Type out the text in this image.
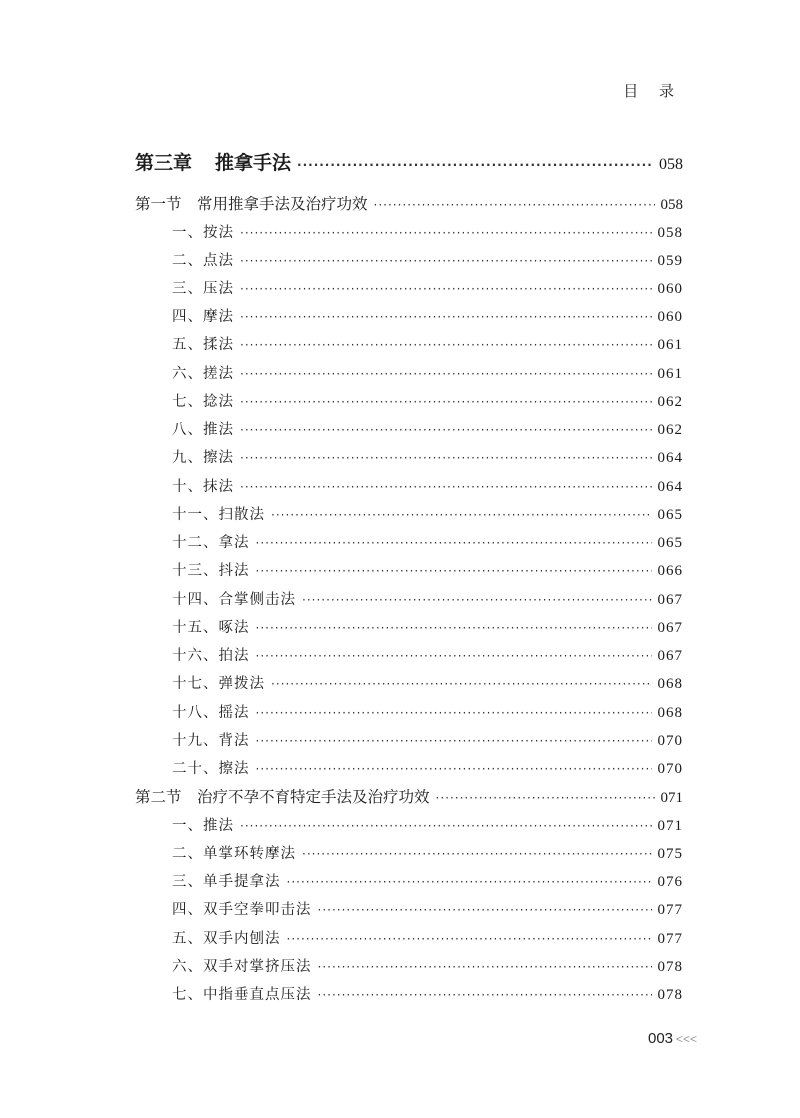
目 录
第三章	推拿手法 ·····	058
第一节 常用推拿手法及治疗功效 ·····	058
一、按法 ·····	058
二、点法 ·····	059
三、压法 ·····	060
四、摩法 ·····	060
五、揉法 ·····	061
六、搓法 ·····	061
七、捻法 ·····	062
八、推法 ·····	062
九、擦法 ·····	064
十、抹法 ·····	064
十一、扫散法 ·····	065
十二、拿法 ·····	065
十三、抖法 ·····	066
十四、合掌侧击法 ·····	067
十五、啄法 ·····	067
十六、拍法 ·····	067
十七、弹拨法 ·····	068
十八、摇法 ·····	068
十九、背法 ·····	070
二十、擦法 ·····	070
第二节 治疗不孕不育特定手法及治疗功效 ·····	071
一、推法 ·····	071
二、单掌环转摩法 ·····	075
三、单手提拿法 ·····	076
四、双手空拳叩击法 ·····	077
五、双手内刨法 ·····	077
六、双手对掌挤压法 ·····	078
七、中指垂直点压法 ·····	078
003 <<<
